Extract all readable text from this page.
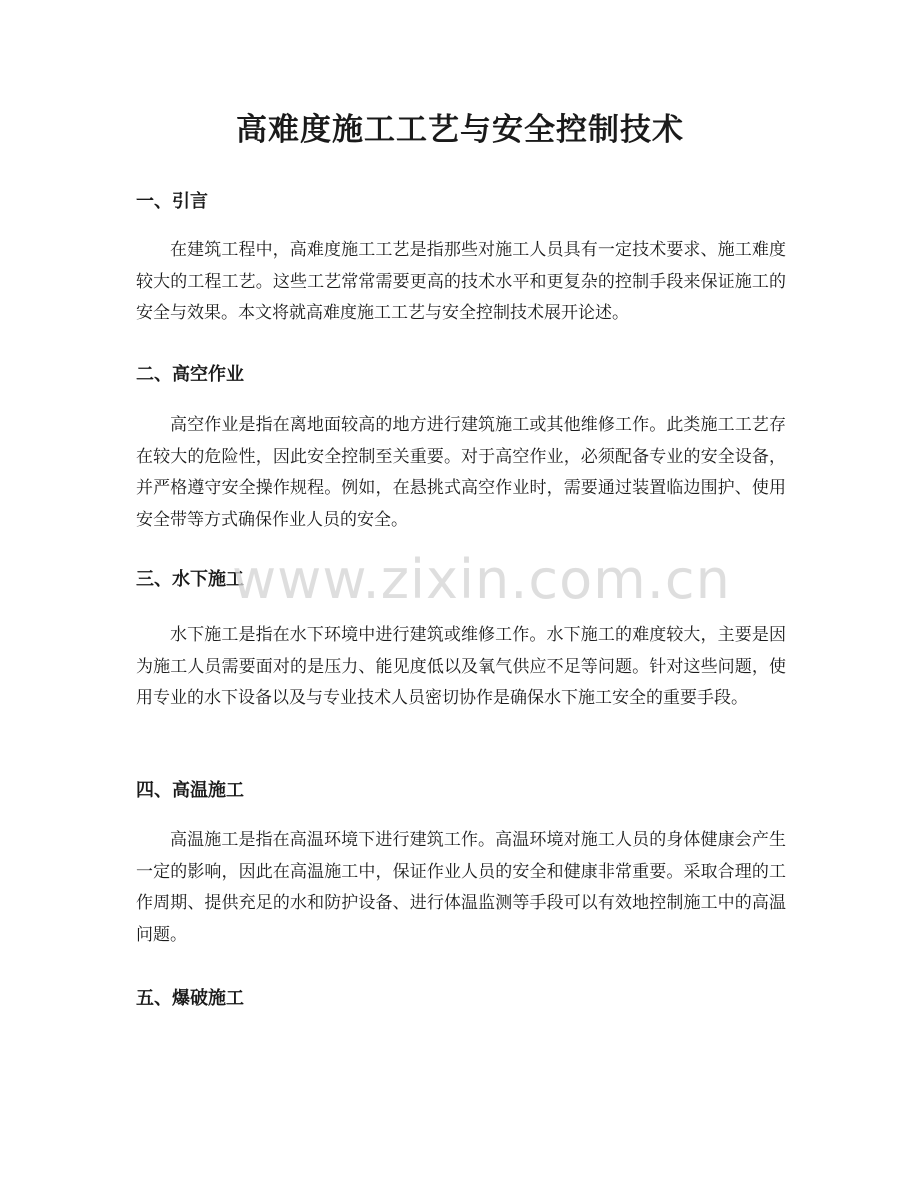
高难度施工工艺与安全控制技术
一、引言

在建筑工程中，高难度施工工艺是指那些对施工人员具有一定技术要求、施工难度较大的工程工艺。这些工艺常常需要更高的技术水平和更复杂的控制手段来保证施工的安全与效果。本文将就高难度施工工艺与安全控制技术展开论述。

二、高空作业

高空作业是指在离地面较高的地方进行建筑施工或其他维修工作。此类施工工艺存在较大的危险性，因此安全控制至关重要。对于高空作业，必须配备专业的安全设备，并严格遵守安全操作规程。例如，在悬挑式高空作业时，需要通过装置临边围护、使用安全带等方式确保作业人员的安全。

三、水下施工

水下施工是指在水下环境中进行建筑或维修工作。水下施工的难度较大，主要是因为施工人员需要面对的是压力、能见度低以及氧气供应不足等问题。针对这些问题，使用专业的水下设备以及与专业技术人员密切协作是确保水下施工安全的重要手段。

四、高温施工

高温施工是指在高温环境下进行建筑工作。高温环境对施工人员的身体健康会产生一定的影响，因此在高温施工中，保证作业人员的安全和健康非常重要。采取合理的工作周期、提供充足的水和防护设备、进行体温监测等手段可以有效地控制施工中的高温问题。

五、爆破施工
www.zixin.com.cn
